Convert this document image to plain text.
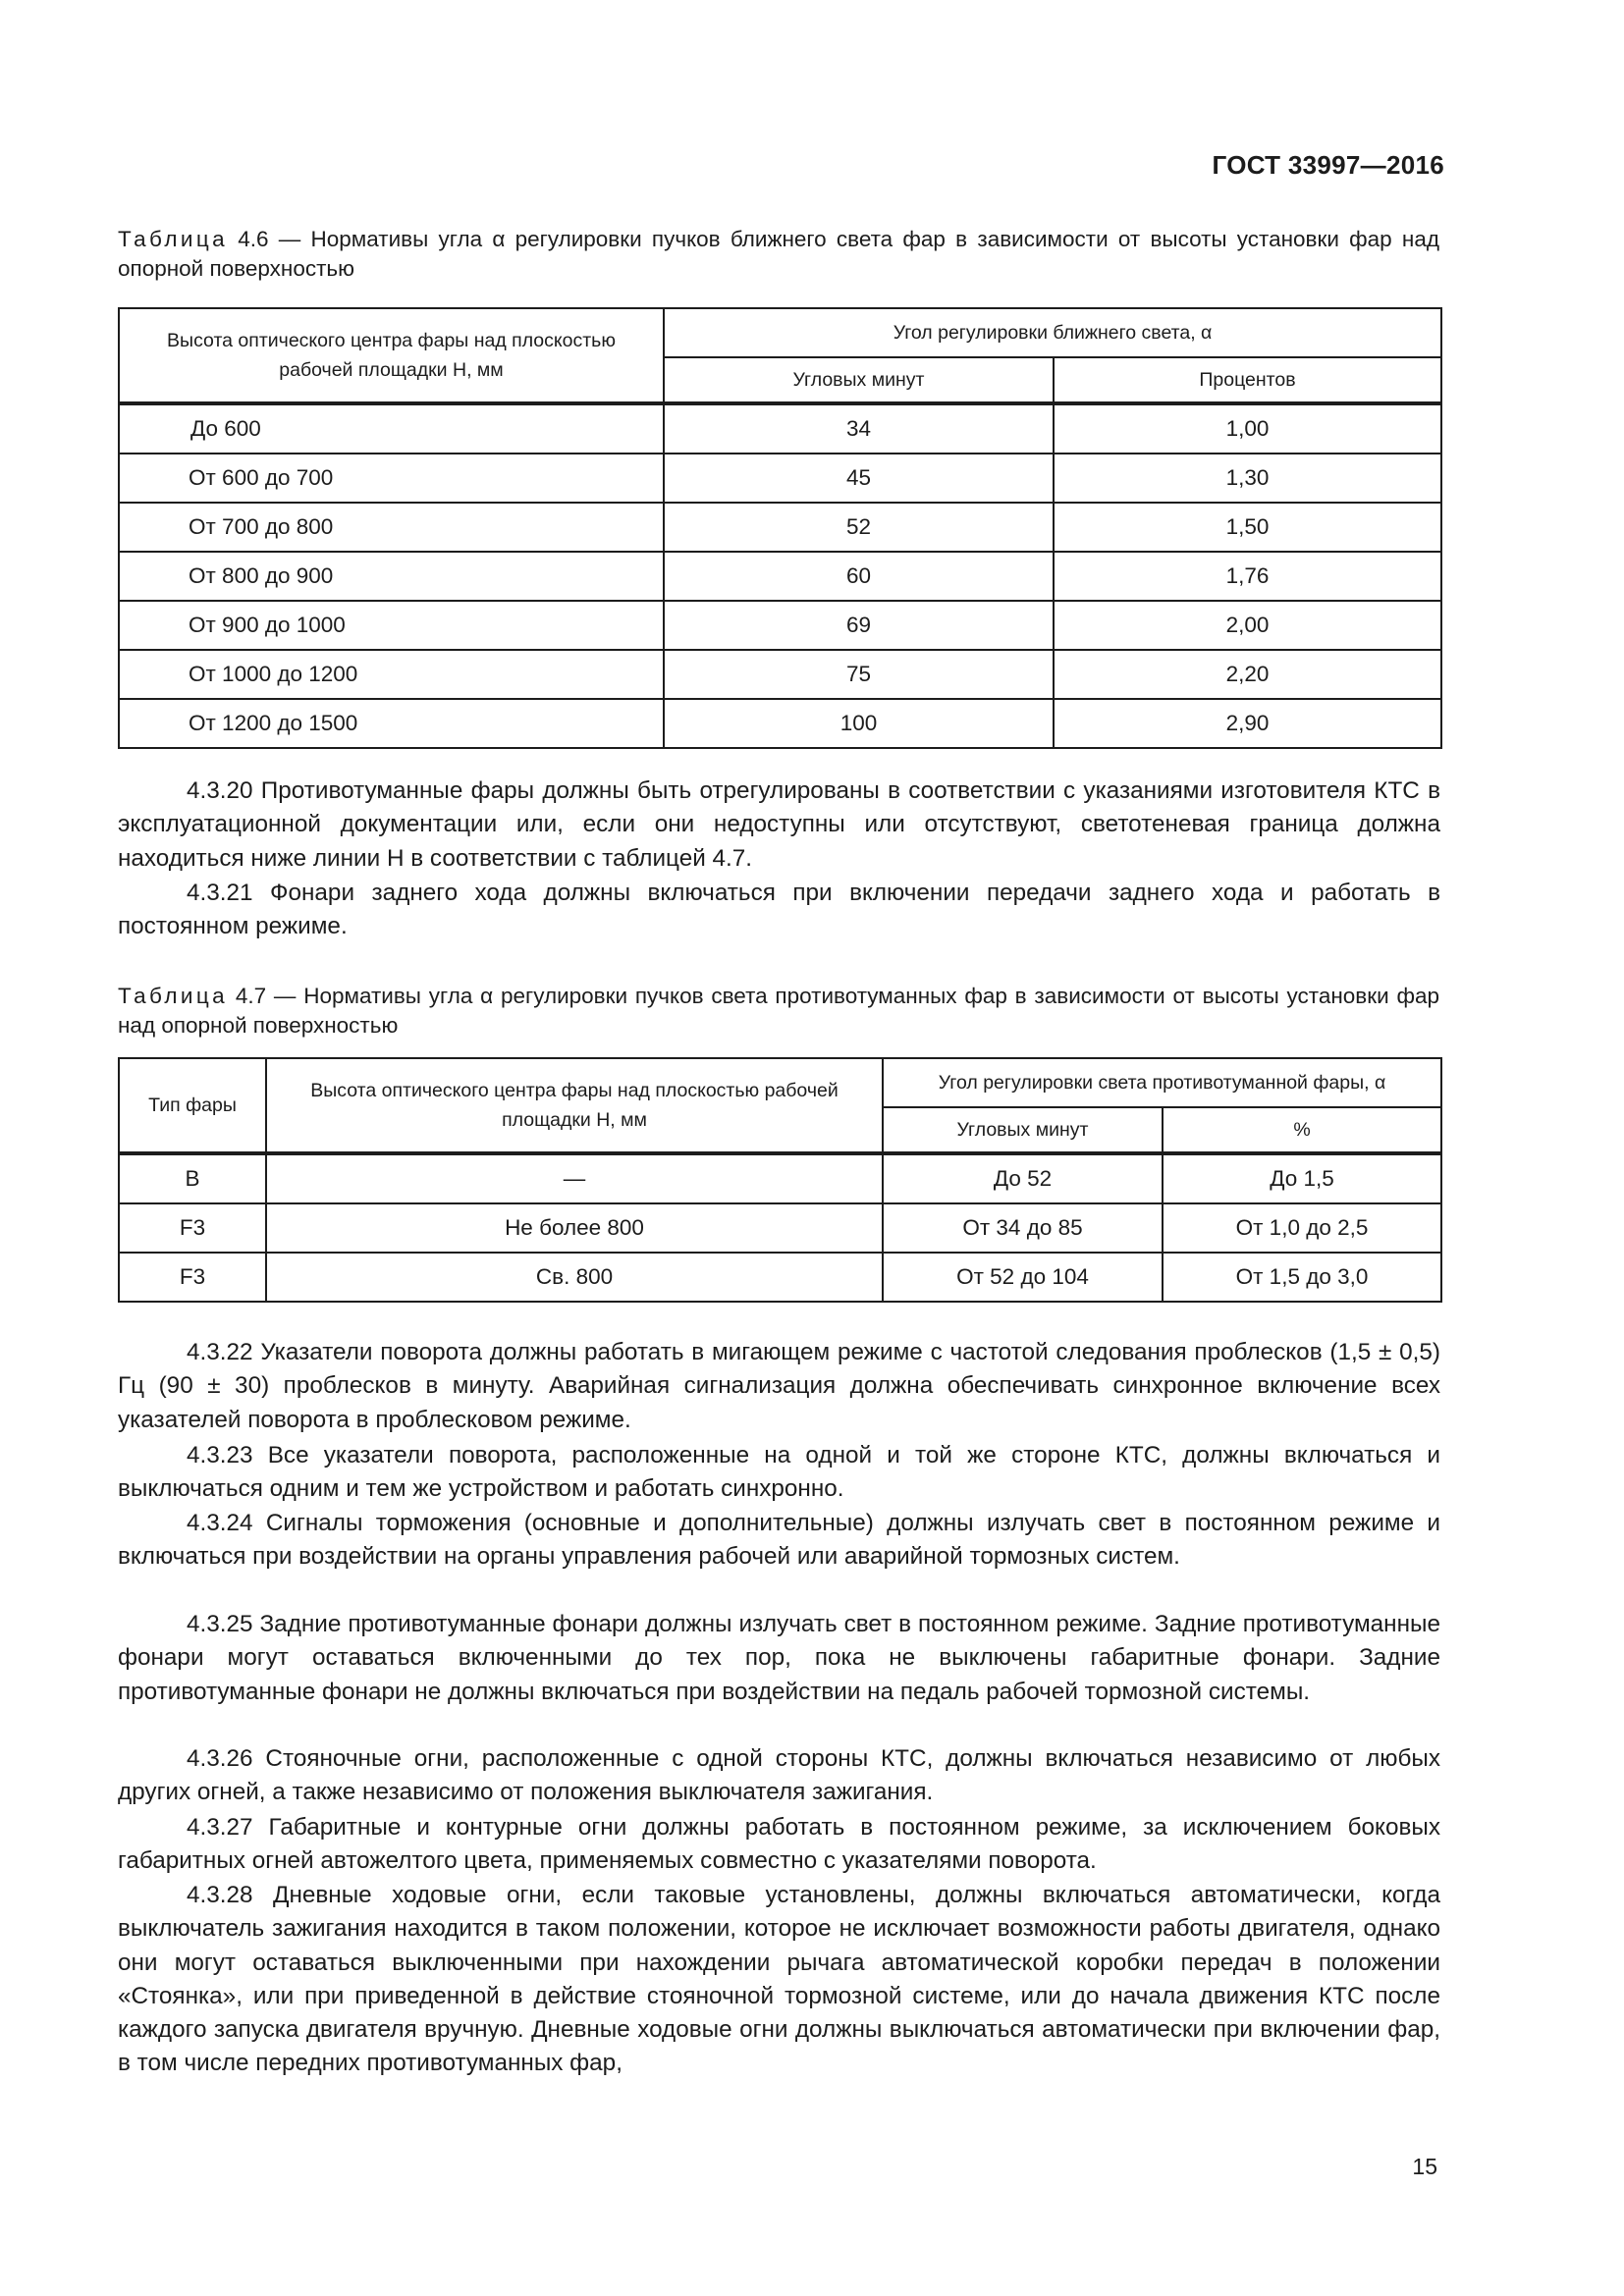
ГОСТ 33997—2016
Таблица 4.6 — Нормативы угла α регулировки пучков ближнего света фар в зависимости от высоты установки фар над опорной поверхностью
Высота оптического центра фары над плоскостью рабочей площадки Н, мм	Угол регулировки ближнего света, α	
	Угловых минут	Процентов
До 600	34	1,00
От 600 до 700	45	1,30
От 700 до 800	52	1,50
От 800 до 900	60	1,76
От 900 до 1000	69	2,00
От 1000 до 1200	75	2,20
От 1200 до 1500	100	2,90

4.3.20 Противотуманные фары должны быть отрегулированы в соответствии с указаниями изготовителя КТС в эксплуатационной документации или, если они недоступны или отсутствуют, светотеневая граница должна находиться ниже линии H в соответствии с таблицей 4.7.

4.3.21 Фонари заднего хода должны включаться при включении передачи заднего хода и работать в постоянном режиме.

Таблица 4.7 — Нормативы угла α регулировки пучков света противотуманных фар в зависимости от высоты установки фар над опорной поверхностью
Тип фары	Высота оптического центра фары над плоскостью рабочей площадки Н, мм	Угол регулировки света противотуманной фары, α	
		Угловых минут	%
B	—	До 52	До 1,5
F3	Не более 800	От 34 до 85	От 1,0 до 2,5
F3	Св. 800	От 52 до 104	От 1,5 до 3,0

4.3.22 Указатели поворота должны работать в мигающем режиме с частотой следования проблесков (1,5 ± 0,5) Гц (90 ± 30) проблесков в минуту. Аварийная сигнализация должна обеспечивать синхронное включение всех указателей поворота в проблесковом режиме.

4.3.23 Все указатели поворота, расположенные на одной и той же стороне КТС, должны включаться и выключаться одним и тем же устройством и работать синхронно.

4.3.24 Сигналы торможения (основные и дополнительные) должны излучать свет в постоянном режиме и включаться при воздействии на органы управления рабочей или аварийной тормозных систем.

4.3.25 Задние противотуманные фонари должны излучать свет в постоянном режиме. Задние противотуманные фонари могут оставаться включенными до тех пор, пока не выключены габаритные фонари. Задние противотуманные фонари не должны включаться при воздействии на педаль рабочей тормозной системы.

4.3.26 Стояночные огни, расположенные с одной стороны КТС, должны включаться независимо от любых других огней, а также независимо от положения выключателя зажигания.

4.3.27 Габаритные и контурные огни должны работать в постоянном режиме, за исключением боковых габаритных огней автожелтого цвета, применяемых совместно с указателями поворота.

4.3.28 Дневные ходовые огни, если таковые установлены, должны включаться автоматически, когда выключатель зажигания находится в таком положении, которое не исключает возможности работы двигателя, однако они могут оставаться выключенными при нахождении рычага автоматической коробки передач в положении «Стоянка», или при приведенной в действие стояночной тормозной системе, или до начала движения КТС после каждого запуска двигателя вручную. Дневные ходовые огни должны выключаться автоматически при включении фар, в том числе передних противотуманных фар,

15
